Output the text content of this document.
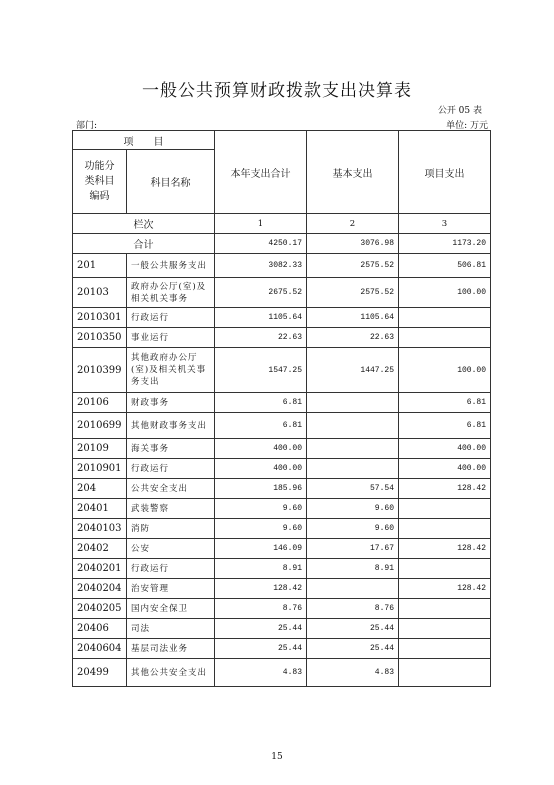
一般公共预算财政拨款支出决算表
公开 05 表
部门:	单位: 万元
项　　目		本年支出合计	基本支出	项目支出
功能分类科目编码	科目名称			
栏次		1	2	3
合计		4250.17	3076.98	1173.20
201	一般公共服务支出	3082.33	2575.52	506.81
20103	政府办公厅(室)及相关机关事务	2675.52	2575.52	100.00
2010301	行政运行	1105.64	1105.64	
2010350	事业运行	22.63	22.63	
2010399	其他政府办公厅(室)及相关机关事务支出	1547.25	1447.25	100.00
20106	财政事务	6.81		6.81
2010699	其他财政事务支出	6.81		6.81
20109	海关事务	400.00		400.00
2010901	行政运行	400.00		400.00
204	公共安全支出	185.96	57.54	128.42
20401	武装警察	9.60	9.60	
2040103	消防	9.60	9.60	
20402	公安	146.09	17.67	128.42
2040201	行政运行	8.91	8.91	
2040204	治安管理	128.42		128.42
2040205	国内安全保卫	8.76	8.76	
20406	司法	25.44	25.44	
2040604	基层司法业务	25.44	25.44	
20499	其他公共安全支出	4.83	4.83	
15
